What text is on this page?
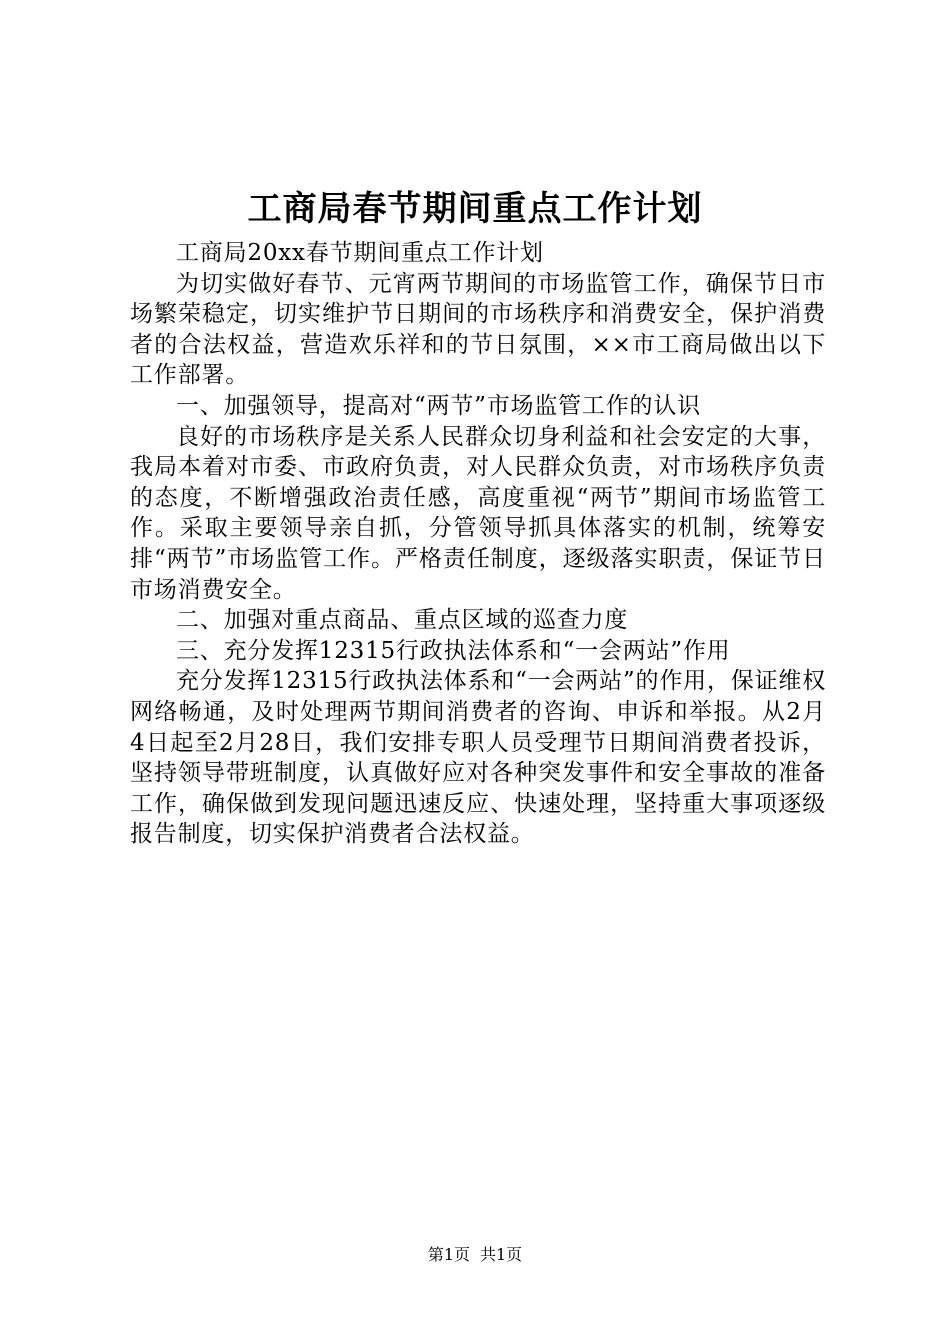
工商局春节期间重点工作计划

工商局20xx春节期间重点工作计划

为切实做好春节、元宵两节期间的市场监管工作，确保节日市场繁荣稳定，切实维护节日期间的市场秩序和消费安全，保护消费者的合法权益，营造欢乐祥和的节日氛围，××市工商局做出以下工作部署。

一、加强领导，提高对“两节”市场监管工作的认识

良好的市场秩序是关系人民群众切身利益和社会安定的大事，我局本着对市委、市政府负责，对人民群众负责，对市场秩序负责的态度，不断增强政治责任感，高度重视“两节”期间市场监管工作。采取主要领导亲自抓，分管领导抓具体落实的机制，统筹安排“两节”市场监管工作。严格责任制度，逐级落实职责，保证节日市场消费安全。

二、加强对重点商品、重点区域的巡查力度

三、充分发挥12315行政执法体系和“一会两站”作用

充分发挥12315行政执法体系和“一会两站”的作用，保证维权网络畅通，及时处理两节期间消费者的咨询、申诉和举报。从2月4日起至2月28日，我们安排专职人员受理节日期间消费者投诉，坚持领导带班制度，认真做好应对各种突发事件和安全事故的准备工作，确保做到发现问题迅速反应、快速处理，坚持重大事项逐级报告制度，切实保护消费者合法权益。

第1页 共1页
